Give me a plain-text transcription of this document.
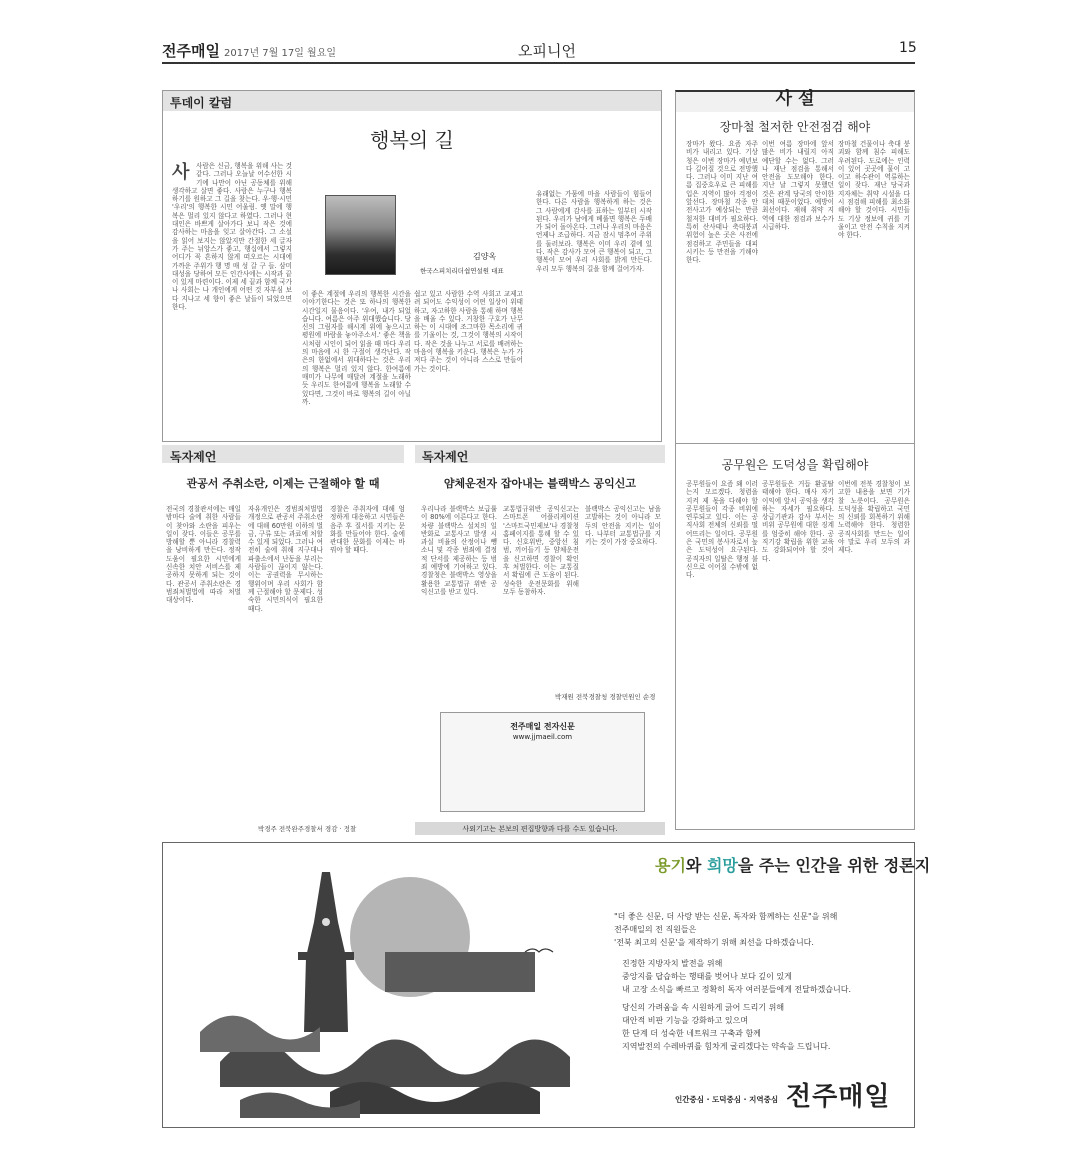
전주매일 2017년 7월 17일 월요일	오피니언	15
투데이 칼럼
행복의 길
김양옥
한국스피치리더쉽연설원 대표
사	사람은 신금, 행복을 위해 사는 것 같다. 그러나 오늘날 어수선한 시기에 나만이 아닌 공동체를 위해 생각하고 살면 좋다. 사람은 누구나 행복하기를 원하고 그 길을 찾는다. 우·행·시민 '우리'의 행복한 시민 어울림. 옛 말에 행복은 멀리 있지 않다고 하였다. 그러나 현대인은 바쁘게 살아가다 보니 작은 것에 감사하는 마음을 잊고 살아간다. 그 소설을 읽어 보지는 않았지만 간절한 세 글자가 주는 뉘앙스가 좋고, 행십에서 그렇지 어디가 꼭 흔하지 않게 떠오르는 시대에 가까운 주위가 행 명 매 성 갈 구 들. 삼미대성을 당하여 모든 인간사에는 시작과 끝이 있게 마련이다. 이제 세 끝과 함께 국가나 사회는 나 개인에게 어떤 것 자부심 보다 지나고 세 향이 좋은 날들이 되었으면 한다.
이 좋은 계절에 우리의 행복한 시간을 이야기한다는 것은 또 하나의 행복한 시간일지 물음이다. '우여, 내가 되었습니다. 여름은 아주 위대했습니다. 당신의 그림자를 해시계 위에 놓으시고 평원에 바람을 놓아주소서.' 좋은 책을 시처럼 시인이 되어 읽을 때 마다 우리의 마음에 시 한 구절이 생각난다. 작은의 한없에서 위대하다는 것은 우리의 행복은 멀리 있지 않다. 한여름에 매미가 나무에 매달려 계절을 노래하듯 우리도 한여름에 행복을 노래할 수 있다면, 그것이 바로 행복의 길이 아닐까.
쉽고 있고 사람한 수역 사회고 교제고려 되어도 수익성이 어떤 일상이 위태하고, 자고하한 사람을 통해 하며 행복을 배울 수 있다. 거창한 구호가 난무하는 이 시대에 조그마한 목소리에 귀를 기울이는 것, 그것이 행복의 시작이다. 작은 것을 나누고 서로를 배려하는 마음이 행복을 키운다. 행복은 누가 가져다 주는 것이 아니라 스스로 만들어 가는 것이다.
유래없는 가뭄에 마을 사람들이 힘들어 한다. 다른 사람을 행복하게 하는 것은 그 사람에게 감사를 표하는 일부터 시작된다. 우리가 남에게 베풀면 행복은 두배가 되어 돌아온다. 그러나 우리의 마음은 언제나 조급하다. 지금 잠시 멈추어 주위를 둘러보라. 행복은 이미 우리 곁에 있다. 작은 감사가 모여 큰 행복이 되고, 그 행복이 모여 우리 사회를 밝게 만든다. 우리 모두 행복의 길을 함께 걸어가자.
사 설
장마철 철저한 안전점검 해야
장마가 왔다. 요즘 자주 비가 내리고 있다. 기상청은 이번 장마가 예년보다 길어질 것으로 전망했다. 그러나 이미 지난 여름 집중호우로 큰 피해를 입은 지역이 많아 걱정이 앞선다. 장마철 각종 안전사고가 예상되는 만큼 철저한 대비가 필요하다. 특히 산사태나 축대붕괴 위험이 높은 곳은 사전에 점검하고 주민들을 대피시키는 등 만전을 기해야 한다.
이번 여름 장마에 앞서 많은 비가 내릴지 아직 예단할 수는 없다. 그러나 재난 점검을 통해서 안전을 도모해야 한다. 지난 날 그렇지 못했던 것은 관계 당국의 안이한 대처 때문이었다. 예방이 최선이다. 재해 취약 지역에 대한 점검과 보수가 시급하다.
장마철 건물이나 축대 붕괴와 함께 침수 피해도 우려된다. 도로에는 인력이 있어 곳곳에 물이 고이고 하수관이 역류하는 일이 잦다. 재난 당국과 지자체는 취약 시설을 다시 점검해 피해를 최소화해야 할 것이다. 시민들도 기상 정보에 귀를 기울이고 안전 수칙을 지켜야 한다.
공무원은 도덕성을 확립해야
공무원들이 요즘 왜 이러는지 모르겠다. 청렴을 지켜 제 몫을 다해야 할 공무원들이 각종 비위에 연루되고 있다. 이는 공직사회 전체의 신뢰를 떨어뜨리는 일이다. 공무원은 국민의 봉사자로서 높은 도덕성이 요구된다. 공직자의 일탈은 행정 불신으로 이어질 수밖에 없다.
공무원들은 거듭 환골탈태해야 한다. 매사 자기 이익에 앞서 공익을 생각하는 자세가 필요하다. 상급기관과 감사 부서는 비위 공무원에 대한 징계를 엄중히 해야 한다. 공직기강 확립을 위한 교육도 강화되어야 할 것이다.
이번에 전북 경찰청이 보고한 내용을 보면 기가 찰 노릇이다. 공무원은 도덕성을 확립하고 국민의 신뢰를 회복하기 위해 노력해야 한다. 청렴한 공직사회를 만드는 일이야 말로 우리 모두의 과제다.
독자제언
관공서 주취소란, 이제는 근절해야 할 때
전국의 경찰관서에는 매일 밤마다 술에 취한 사람들이 찾아와 소란을 피우는 일이 잦다. 이들은 공무를 방해할 뿐 아니라 경찰력을 낭비하게 만든다. 정작 도움이 필요한 시민에게 신속한 치안 서비스를 제공하지 못하게 되는 것이다. 관공서 주취소란은 경범죄처벌법에 따라 처벌 대상이다.
자유개인은 경범죄처벌법 개정으로 관공서 주취소란에 대해 60만원 이하의 벌금, 구류 또는 과료에 처할 수 있게 되었다. 그러나 여전히 술에 취해 지구대나 파출소에서 난동을 부리는 사람들이 끊이지 않는다. 이는 공권력을 무시하는 행위이며 우리 사회가 함께 근절해야 할 문제다. 성숙한 시민의식이 필요한 때다.
경찰은 주취자에 대해 엄정하게 대응하고 시민들은 음주 후 질서를 지키는 문화를 만들어야 한다. 술에 관대한 문화를 이제는 바꿔야 할 때다.
박경주 전북완주경찰서 경감 · 정찰
독자제언
얌체운전자 잡아내는 블랙박스 공익신고
우리나라 블랙박스 보급률이 80%에 이른다고 한다. 차량 블랙박스 설치의 일반화로 교통사고 발생 시 과실 비율의 산정이나 뺑소니 및 각종 범죄에 결정적 단서를 제공하는 등 범죄 예방에 기여하고 있다. 경찰청은 블랙박스 영상을 활용한 교통법규 위반 공익신고를 받고 있다.
교통법규위반 공익신고는 스마트폰 어플리케이션 '스마트국민제보'나 경찰청 홈페이지를 통해 할 수 있다. 신호위반, 중앙선 침범, 끼어들기 등 얌체운전을 신고하면 경찰이 확인 후 처벌한다. 이는 교통질서 확립에 큰 도움이 된다. 성숙한 운전문화를 위해 모두 동참하자.
블랙박스 공익신고는 남을 고발하는 것이 아니라 모두의 안전을 지키는 일이다. 나부터 교통법규를 지키는 것이 가장 중요하다.
박재원 전북경찰청 경찰민원인 순경
전주매일 전자신문
www.jjmaeil.com
사외기고는 본보의 편집방향과 다를 수도 있습니다.
용기와 희망을 주는 인간을 위한 정론지
"더 좋은 신문, 더 사랑 받는 신문, 독자와 함께하는 신문"을 위해
전주매일의 전 직원들은
'전북 최고의 신문'을 제작하기 위해 최선을 다하겠습니다.
진정한 지방자치 발전을 위해
중앙지를 답습하는 행태를 벗어나 보다 깊이 있게
내 고장 소식을 빠르고 정확히 독자 여러분들에게 전달하겠습니다.
당신의 가려움을 속 시원하게 긁어 드리기 위해
대안적 비판 기능을 강화하고 있으며
한 단계 더 성숙한 네트워크 구축과 함께
지역발전의 수레바퀴를 힘차게 굴리겠다는 약속을 드립니다.
인간중심 · 도덕중심 · 지역중심 전주매일
